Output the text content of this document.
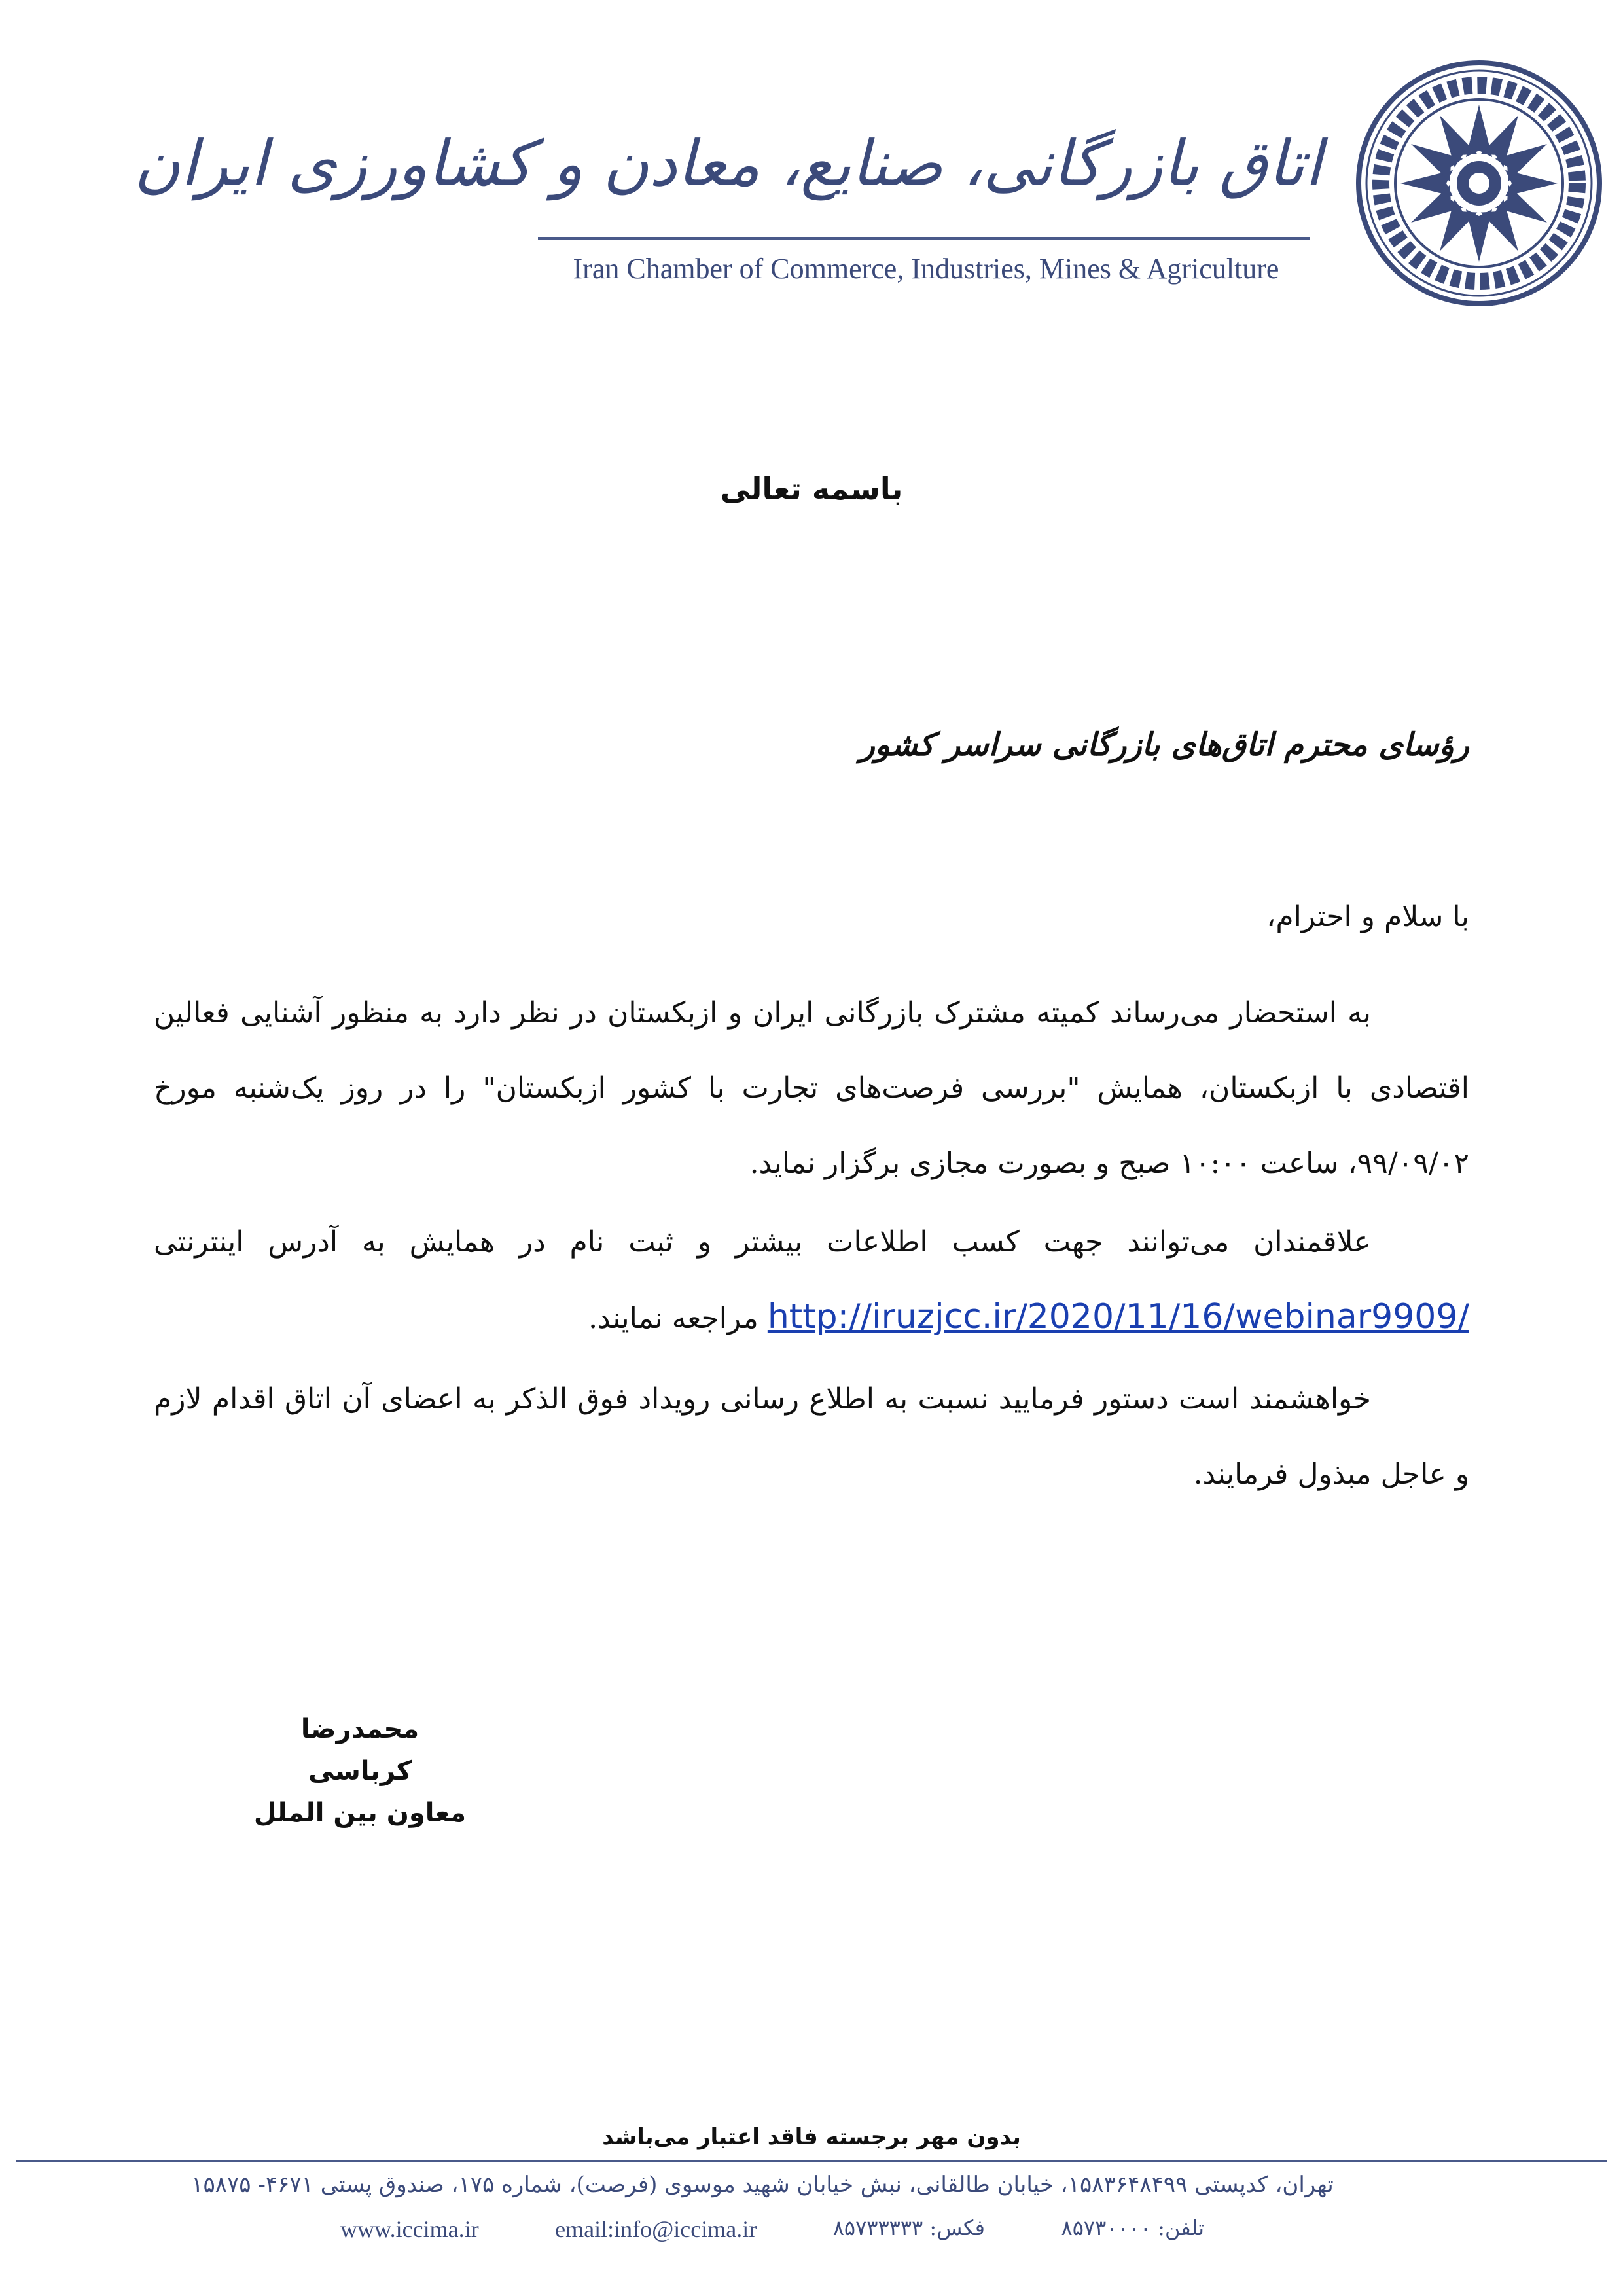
اتاق بازرگانی، صنایع، معادن و کشاورزی ایران
Iran Chamber of Commerce, Industries, Mines & Agriculture
باسمه تعالی
رؤسای محترم اتاق‌های بازرگانی سراسر کشور
با سلام و احترام،
به استحضار می‌رساند کمیته مشترک بازرگانی ایران و ازبکستان در نظر دارد به منظور آشنایی فعالین اقتصادی با ازبکستان، همایش "بررسی فرصت‌های تجارت با کشور ازبکستان" را در روز یک‌شنبه مورخ ۹۹/۰۹/۰۲، ساعت ۱۰:۰۰ صبح و بصورت مجازی برگزار نماید.
علاقمندان می‌توانند جهت کسب اطلاعات بیشتر و ثبت نام در همایش به آدرس اینترنتی http://iruzjcc.ir/2020/11/16/webinar9909/ مراجعه نمایند.
خواهشمند است دستور فرمایید نسبت به اطلاع رسانی رویداد فوق الذکر به اعضای آن اتاق اقدام لازم و عاجل مبذول فرمایند.
محمدرضا کرباسی
معاون بین الملل
بدون مهر برجسته فاقد اعتبار می‌باشد
تهران، کدپستی ۱۵۸۳۶۴۸۴۹۹، خیابان طالقانی، نبش خیابان شهید موسوی (فرصت)، شماره ۱۷۵، صندوق پستی ۴۶۷۱- ۱۵۸۷۵
www.iccima.ir	email:info@iccima.ir	فکس: ۸۵۷۳۳۳۳۳	تلفن: ۸۵۷۳۰۰۰۰
